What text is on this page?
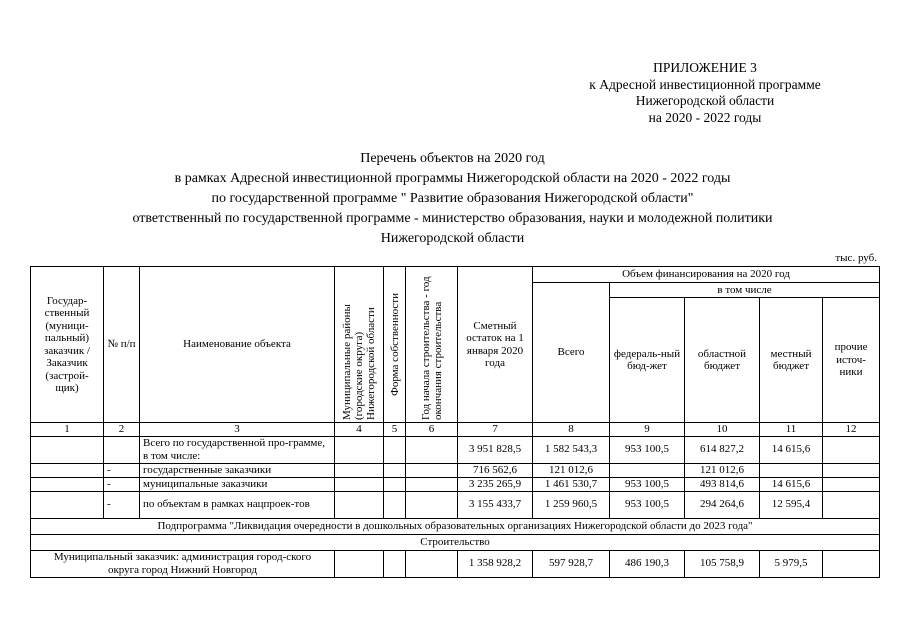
ПРИЛОЖЕНИЕ 3
к Адресной инвестиционной программе
Нижегородской области
на 2020 - 2022 годы
Перечень объектов на 2020 год
в рамках Адресной инвестиционной программы Нижегородской области на 2020 - 2022 годы
по государственной программе " Развитие образования Нижегородской области"
ответственный по государственной программе - министерство образования, науки и молодежной политики
Нижегородской области
тыс. руб.
Государ-ственный (муници-пальный) заказчик / Заказчик (застрой-щик)	№ п/п	Наименование объекта	Муниципальные районы (городские округа) Нижегородской области	Форма собственности	Год начала строительства - год окончания строительства	Сметный остаток на 1 января 2020 года	Объем финансирования на 2020 год				
							Всего	в том числе			
								федераль-ный бюд-жет	областной бюджет	местный бюджет	прочие источ-ники
1	2	3	4	5	6	7	8	9	10	11	12
		Всего по государственной про-грамме, в том числе:				3 951 828,5	1 582 543,3	953 100,5	614 827,2	14 615,6	
	-	государственные заказчики				716 562,6	121 012,6		121 012,6		
	-	муниципальные заказчики				3 235 265,9	1 461 530,7	953 100,5	493 814,6	14 615,6	
	-	по объектам в рамках нацпроек-тов				3 155 433,7	1 259 960,5	953 100,5	294 264,6	12 595,4	
Подпрограмма "Ликвидация очередности в дошкольных образовательных организациях Нижегородской области до 2023 года"											
Строительство											
Муниципальный заказчик: администрация город-ского округа город Нижний Новгород						1 358 928,2	597 928,7	486 190,3	105 758,9	5 979,5	
